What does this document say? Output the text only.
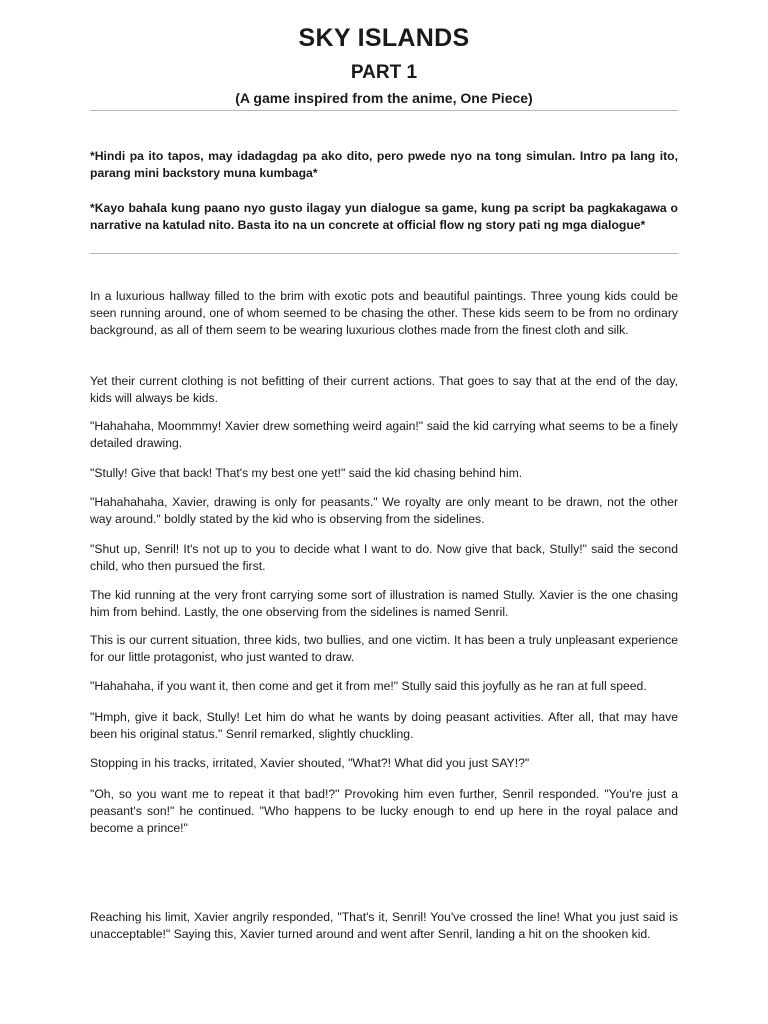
SKY ISLANDS
PART 1
(A game inspired from the anime, One Piece)

*Hindi pa ito tapos, may idadagdag pa ako dito, pero pwede nyo na tong simulan. Intro pa lang ito, parang mini backstory muna kumbaga*

*Kayo bahala kung paano nyo gusto ilagay yun dialogue sa game, kung pa script ba pagkakagawa o narrative na katulad nito. Basta ito na un concrete at official flow ng story pati ng mga dialogue*

In a luxurious hallway filled to the brim with exotic pots and beautiful paintings. Three young kids could be seen running around, one of whom seemed to be chasing the other. These kids seem to be from no ordinary background, as all of them seem to be wearing luxurious clothes made from the finest cloth and silk.

Yet their current clothing is not befitting of their current actions. That goes to say that at the end of the day, kids will always be kids.

"Hahahaha, Moommmy! Xavier drew something weird again!" said the kid carrying what seems to be a finely detailed drawing.

"Stully! Give that back! That's my best one yet!" said the kid chasing behind him.

"Hahahahaha, Xavier, drawing is only for peasants." We royalty are only meant to be drawn, not the other way around." boldly stated by the kid who is observing from the sidelines.

"Shut up, Senril! It's not up to you to decide what I want to do. Now give that back, Stully!" said the second child, who then pursued the first.

The kid running at the very front carrying some sort of illustration is named Stully. Xavier is the one chasing him from behind. Lastly, the one observing from the sidelines is named Senril.

This is our current situation, three kids, two bullies, and one victim. It has been a truly unpleasant experience for our little protagonist, who just wanted to draw.

"Hahahaha, if you want it, then come and get it from me!" Stully said this joyfully as he ran at full speed.

"Hmph, give it back, Stully! Let him do what he wants by doing peasant activities. After all, that may have been his original status." Senril remarked, slightly chuckling.

Stopping in his tracks, irritated, Xavier shouted, "What?! What did you just SAY!?"

"Oh, so you want me to repeat it that bad!?" Provoking him even further, Senril responded. "You're just a peasant's son!" he continued. "Who happens to be lucky enough to end up here in the royal palace and become a prince!"

Reaching his limit, Xavier angrily responded, "That's it, Senril! You've crossed the line! What you just said is unacceptable!" Saying this, Xavier turned around and went after Senril, landing a hit on the shooken kid.
